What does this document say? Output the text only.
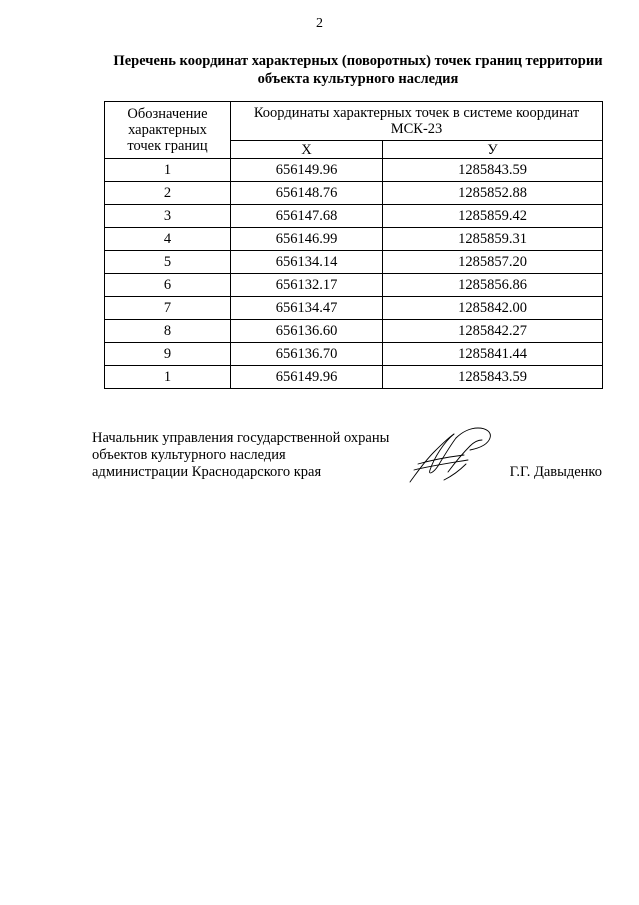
2
Перечень координат характерных (поворотных) точек границ территории
объекта культурного наследия
Обозначение
характерных
точек границ	Координаты характерных точек в системе координат
МСК-23	

	Х	У
1	656149.96	1285843.59
2	656148.76	1285852.88
3	656147.68	1285859.42
4	656146.99	1285859.31
5	656134.14	1285857.20
6	656132.17	1285856.86
7	656134.47	1285842.00
8	656136.60	1285842.27
9	656136.70	1285841.44
1	656149.96	1285843.59
Начальник управления государственной охраны
объектов культурного наследия
администрации Краснодарского края	Г.Г. Давыденко
